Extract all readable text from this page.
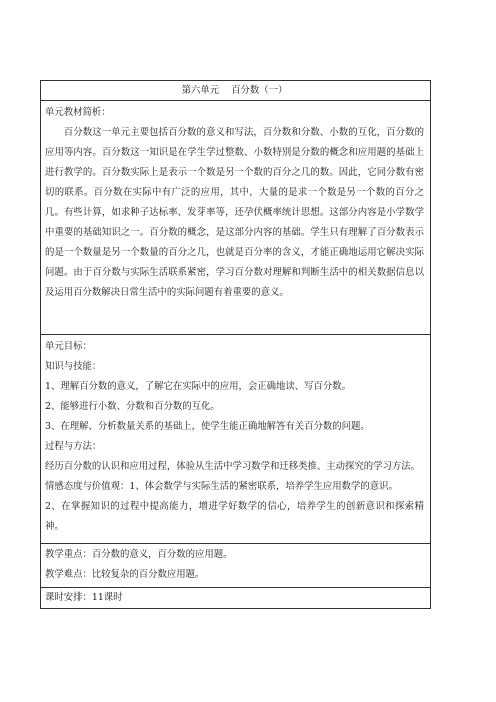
第六单元 百分数（一）

单元教材简析：

百分数这一单元主要包括百分数的意义和写法，百分数和分数、小数的互化，百分数的应用等内容。百分数这一知识是在学生学过整数、小数特别是分数的概念和应用题的基础上进行教学的。百分数实际上是表示一个数是另一个数的百分之几的数。因此，它同分数有密切的联系。百分数在实际中有广泛的应用，其中，大量的是求一个数是另一个数的百分之几。有些计算，如求种子达标率、发芽率等，还孕伏概率统计思想。这部分内容是小学数学中重要的基础知识之一。百分数的概念，是这部分内容的基础。学生只有理解了百分数表示的是一个数量是另一个数量的百分之几，也就是百分率的含义，才能正确地运用它解决实际问题。由于百分数与实际生活联系紧密，学习百分数对理解和判断生活中的相关数据信息以及运用百分数解决日常生活中的实际问题有着重要的意义。

单元目标：

知识与技能：

1、理解百分数的意义，了解它在实际中的应用，会正确地读、写百分数。

2、能够进行小数、分数和百分数的互化。

3、在理解、分析数量关系的基础上，使学生能正确地解答有关百分数的问题。

过程与方法：

经历百分数的认识和应用过程，体验从生活中学习数学和迁移类推、主动探究的学习方法。

情感态度与价值观：1、体会数学与实际生活的紧密联系，培养学生应用数学的意识。

2、在掌握知识的过程中提高能力，增进学好数学的信心，培养学生的创新意识和探索精神。

教学重点：百分数的意义，百分数的应用题。

教学难点：比较复杂的百分数应用题。

课时安排：11课时
